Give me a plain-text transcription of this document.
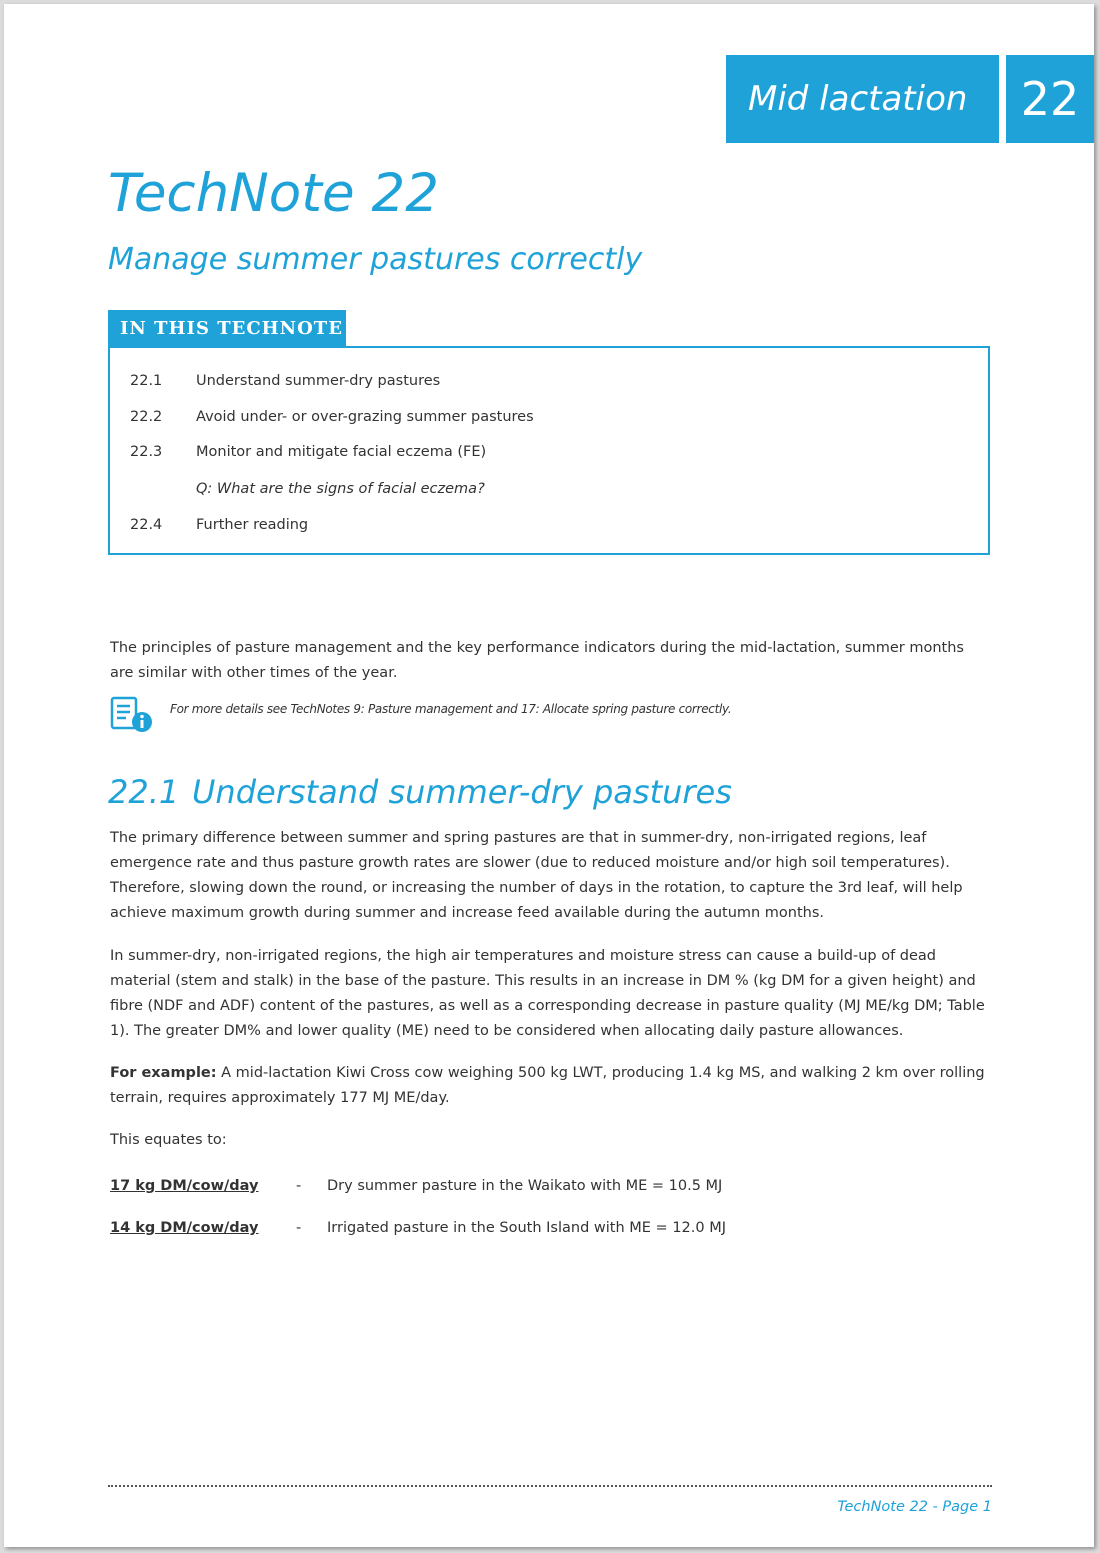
Mid lactation	22
TechNote 22
Manage summer pastures correctly
IN THIS TECHNOTE
22.1	Understand summer-dry pastures
22.2	Avoid under- or over-grazing summer pastures
22.3	Monitor and mitigate facial eczema (FE)
Q: What are the signs of facial eczema?
22.4	Further reading

The principles of pasture management and the key performance indicators during the mid-lactation, summer months are similar with other times of the year.

For more details see TechNotes 9: Pasture management and 17: Allocate spring pasture correctly.

22.1 Understand summer-dry pastures

The primary difference between summer and spring pastures are that in summer-dry, non-irrigated regions, leaf emergence rate and thus pasture growth rates are slower (due to reduced moisture and/or high soil temperatures). Therefore, slowing down the round, or increasing the number of days in the rotation, to capture the 3rd leaf, will help achieve maximum growth during summer and increase feed available during the autumn months.

In summer-dry, non-irrigated regions, the high air temperatures and moisture stress can cause a build-up of dead material (stem and stalk) in the base of the pasture. This results in an increase in DM % (kg DM for a given height) and fibre (NDF and ADF) content of the pastures, as well as a corresponding decrease in pasture quality (MJ ME/kg DM; Table 1). The greater DM% and lower quality (ME) need to be considered when allocating daily pasture allowances.

For example: A mid-lactation Kiwi Cross cow weighing 500 kg LWT, producing 1.4 kg MS, and walking 2 km over rolling terrain, requires approximately 177 MJ ME/day.

This equates to:

17 kg DM/cow/day	- Dry summer pasture in the Waikato with ME = 10.5 MJ
14 kg DM/cow/day	- Irrigated pasture in the South Island with ME = 12.0 MJ
TechNote 22 - Page 1
